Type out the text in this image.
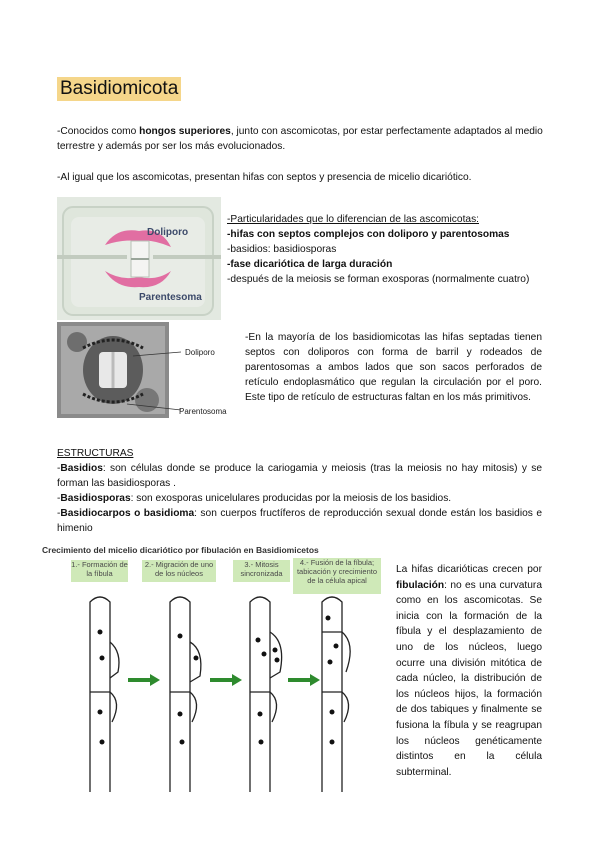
Basidiomicota
-Conocidos como hongos superiores, junto con ascomicotas, por estar perfectamente adaptados al medio terrestre y además por ser los más evolucionados.
-Al igual que los ascomicotas, presentan hifas con septos y presencia de micelio dicariótico.
Doliporo
Parentesoma
-Particularidades que lo diferencian de las ascomicotas:
-hifas con septos complejos con doliporo y parentosomas
-basidios: basidiosporas
-fase dicariótica de larga duración
-después de la meiosis se forman exosporas (normalmente cuatro)
Doliporo
Parentosoma
-En la mayoría de los basidiomicotas las hifas septadas tienen septos con doliporos con forma de barril y rodeados de parentosomas a ambos lados que son sacos perforados de retículo endoplasmático que regulan la circulación por el poro. Este tipo de retículo de estructuras faltan en los más primitivos.
ESTRUCTURAS
-Basidios: son células donde se produce la cariogamia y meiosis (tras la meiosis no hay mitosis) y se forman las basidiosporas .
-Basidiosporas: son exosporas unicelulares producidas por la meiosis de los basidios.
-Basidiocarpos o basidioma: son cuerpos fructíferos de reproducción sexual donde están los basidios e himenio
Crecimiento del micelio dicariótico por fibulación en Basidiomicetos
1.- Formación de la fíbula
2.- Migración de uno de los núcleos
3.- Mitosis sincronizada
4.- Fusión de la fíbula; tabicación y crecimiento de la célula apical
La hifas dicarióticas crecen por fibulación: no es una curvatura como en los ascomicotas. Se inicia con la formación de la fíbula y el desplazamiento de uno de los núcleos, luego ocurre una división mitótica de cada núcleo, la distribución de los núcleos hijos, la formación de dos tabiques y finalmente se fusiona la fíbula y se reagrupan los núcleos genéticamente distintos en la célula subterminal.
